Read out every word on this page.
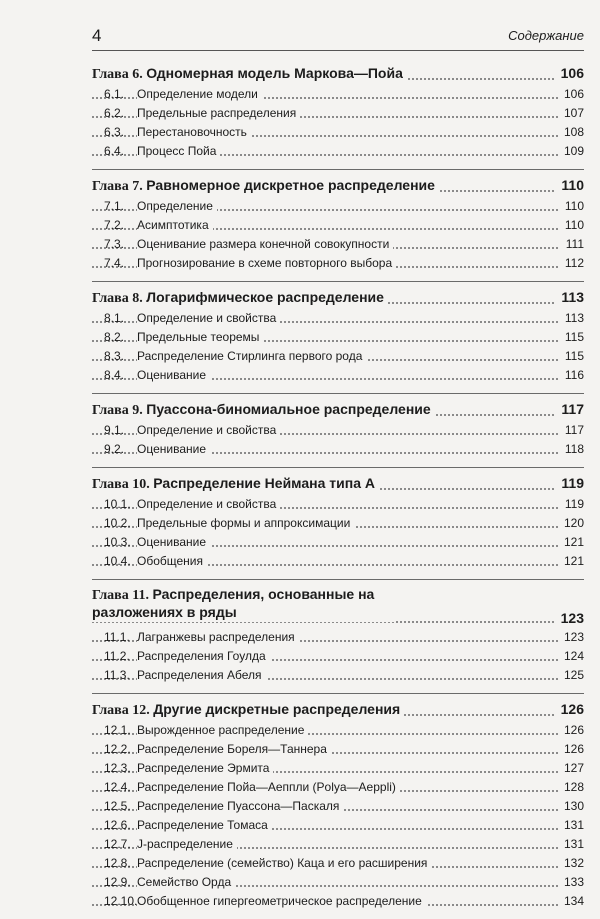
4	Содержание
Глава 6. Одномерная модель Маркова—Пойа	106
6.1. Определение модели	106
6.2. Предельные распределения	107
6.3. Перестановочность	108
6.4. Процесс Пойа	109
Глава 7. Равномерное дискретное распределение	110
7.1. Определение	110
7.2. Асимптотика	110
7.3. Оценивание размера конечной совокупности	111
7.4. Прогнозирование в схеме повторного выбора	112
Глава 8. Логарифмическое распределение	113
8.1. Определение и свойства	113
8.2. Предельные теоремы	115
8.3. Распределение Стирлинга первого рода	115
8.4. Оценивание	116
Глава 9. Пуассона-биномиальное распределение	117
9.1. Определение и свойства	117
9.2. Оценивание	118
Глава 10. Распределение Неймана типа А	119
10.1. Определение и свойства	119
10.2. Предельные формы и аппроксимации	120
10.3. Оценивание	121
10.4. Обобщения	121
Глава 11. Распределения, основанные на разложениях в ряды	123
11.1. Лагранжевы распределения	123
11.2. Распределения Гоулда	124
11.3. Распределения Абеля	125
Глава 12. Другие дискретные распределения	126
12.1. Вырожденное распределение	126
12.2. Распределение Бореля—Таннера	126
12.3. Распределение Эрмита	127
12.4. Распределение Пойа—Аеппли (Polya—Aeppli)	128
12.5. Распределение Пуассона—Паскаля	130
12.6. Распределение Томаса	131
12.7. J-распределение	131
12.8. Распределение (семейство) Каца и его расширения	132
12.9. Семейство Орда	133
12.10. Обобщенное гипергеометрическое распределение	134
